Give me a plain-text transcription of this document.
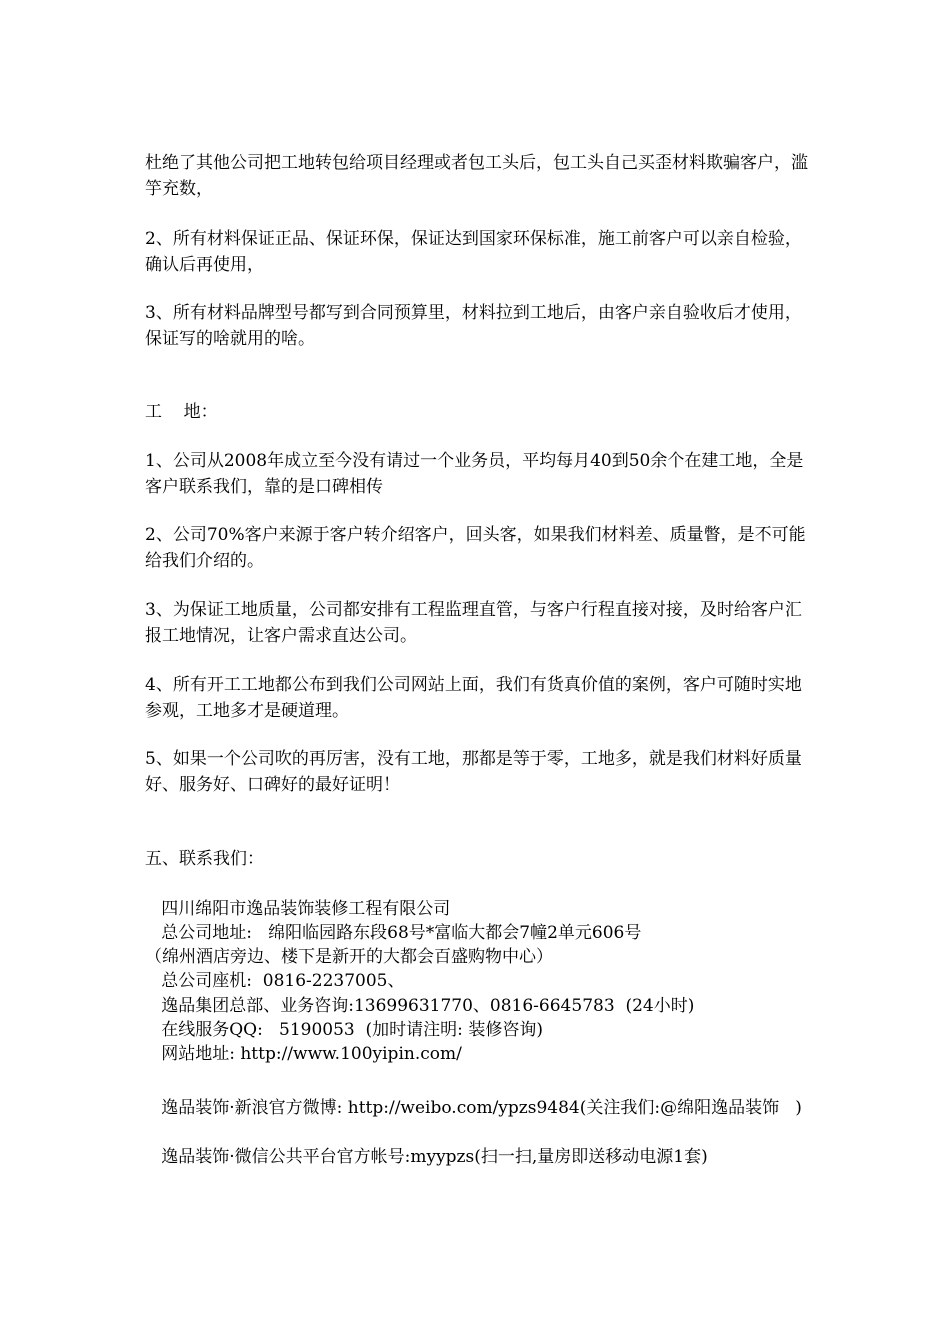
杜绝了其他公司把工地转包给项目经理或者包工头后，包工头自己买歪材料欺骗客户，滥竽充数，

2、所有材料保证正品、保证环保，保证达到国家环保标准，施工前客户可以亲自检验，确认后再使用，

3、所有材料品牌型号都写到合同预算里，材料拉到工地后，由客户亲自验收后才使用，保证写的啥就用的啥。

工    地：

1、公司从2008年成立至今没有请过一个业务员，平均每月40到50余个在建工地，全是客户联系我们，靠的是口碑相传

2、公司70%客户来源于客户转介绍客户，回头客，如果我们材料差、质量瞥，是不可能给我们介绍的。

3、为保证工地质量，公司都安排有工程监理直管，与客户行程直接对接，及时给客户汇报工地情况，让客户需求直达公司。

4、所有开工工地都公布到我们公司网站上面，我们有货真价值的案例，客户可随时实地参观，工地多才是硬道理。

5、如果一个公司吹的再厉害，没有工地，那都是等于零，工地多，就是我们材料好质量好、服务好、口碑好的最好证明！

五、联系我们：

四川绵阳市逸品装饰装修工程有限公司

总公司地址:   绵阳临园路东段68号*富临大都会7幢2单元606号

（绵州酒店旁边、楼下是新开的大都会百盛购物中心）

总公司座机:  0816-2237005、

逸品集团总部、业务咨询:13699631770、0816-6645783  (24小时)

在线服务QQ:   5190053  (加时请注明: 装修咨询)

网站地址: http://www.100yipin.com/

逸品装饰·新浪官方微博: http://weibo.com/ypzs9484(关注我们:@绵阳逸品装饰   )

逸品装饰·微信公共平台官方帐号:myypzs(扫一扫,量房即送移动电源1套)
